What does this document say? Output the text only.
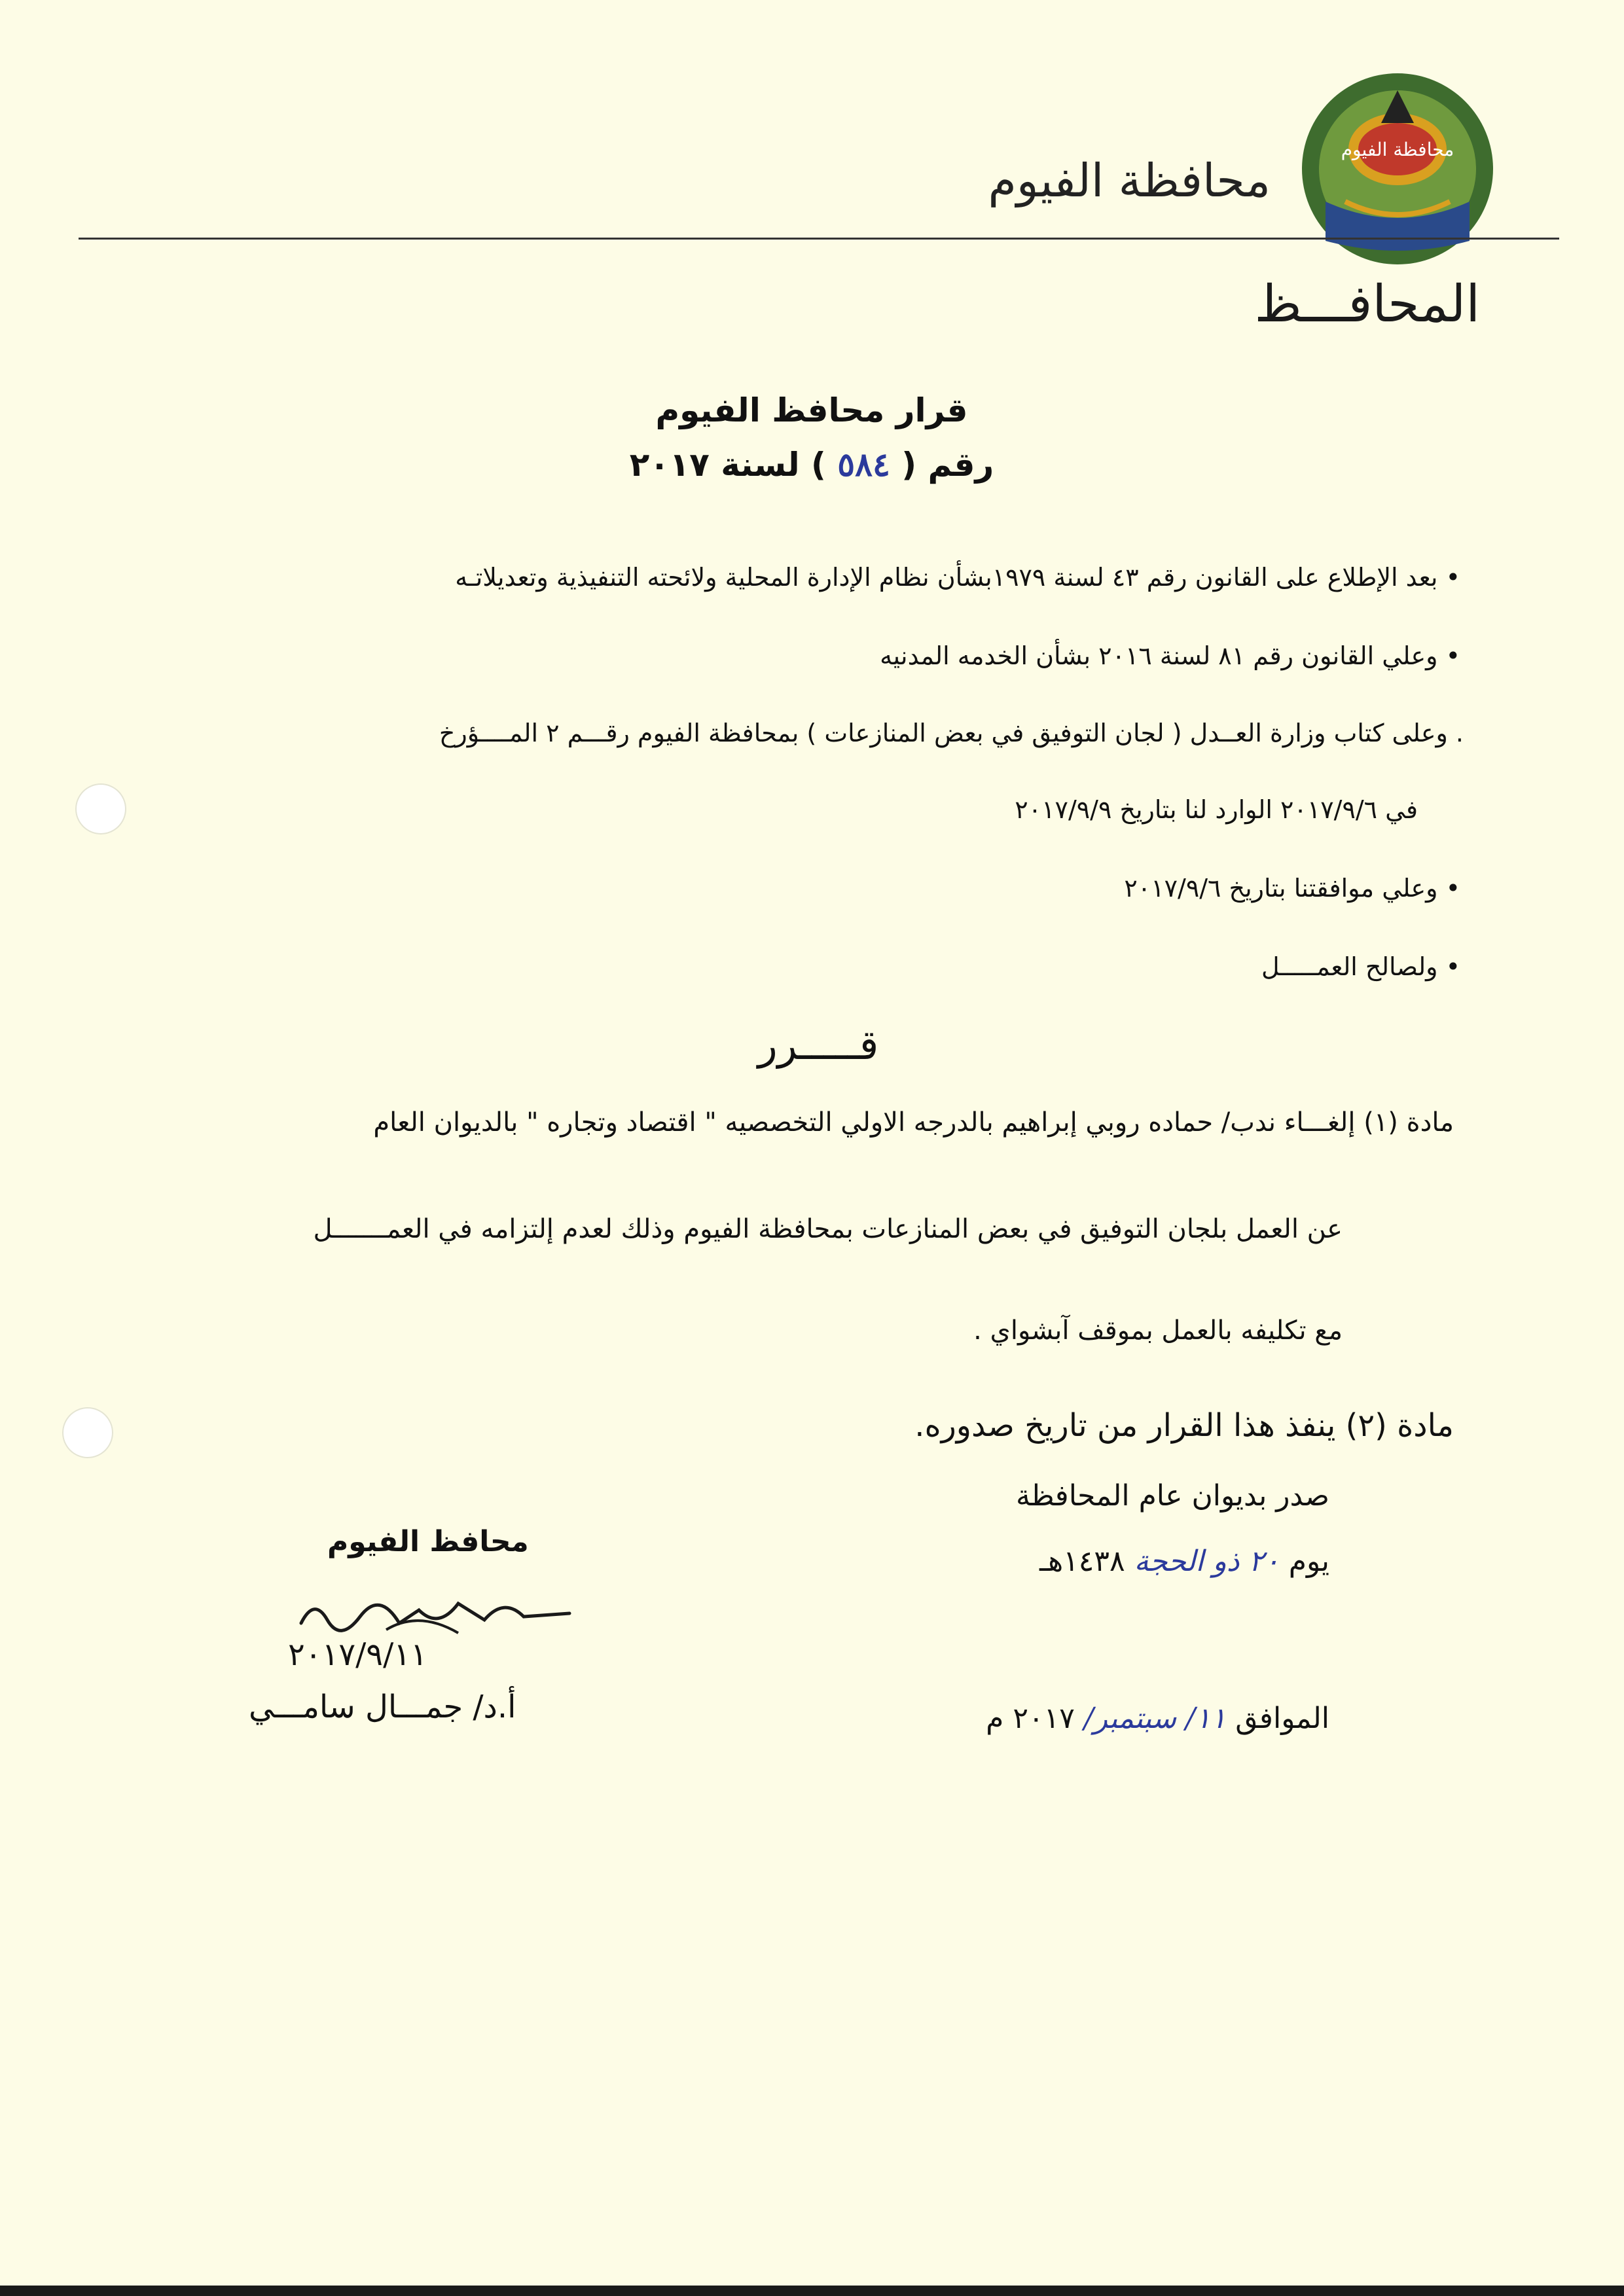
محافظة الفيوم
محافظة الفيوم
المحافـــظ
قرار محافظ الفيوم
رقم ( ٥٨٤ ) لسنة ٢٠١٧
• بعد الإطلاع على القانون رقم ٤٣ لسنة ١٩٧٩بشأن نظام الإدارة المحلية ولائحته التنفيذية وتعديلاتـه
• وعلي القانون رقم ٨١ لسنة ٢٠١٦ بشأن الخدمه المدنيه
. وعلى كتاب وزارة العــدل ( لجان التوفيق في بعض المنازعات ) بمحافظة الفيوم رقـــم ٢ المــــؤرخ
في ٢٠١٧/٩/٦ الوارد لنا بتاريخ ٢٠١٧/٩/٩
• وعلي موافقتنا بتاريخ ٢٠١٧/٩/٦
• ولصالح العمـــــل
قـــــرر
مادة (١) إلغـــاء ندب/ حماده روبي إبراهيم بالدرجه الاولي التخصصيه " اقتصاد وتجاره " بالديوان العام
عن العمل بلجان التوفيق في بعض المنازعات بمحافظة الفيوم وذلك لعدم إلتزامه في العمـــــــل
مع تكليفه بالعمل بموقف آبشواي .
مادة (٢) ينفذ هذا القرار من تاريخ صدوره.
صدر بديوان عام المحافظة
يوم ٢٠ ذو الحجة ١٤٣٨هـ
الموافق ١١/ سبتمبر/ ٢٠١٧ م
محافظ الفيوم
٢٠١٧/٩/١١
أ.د/ جمـــال سامـــي
